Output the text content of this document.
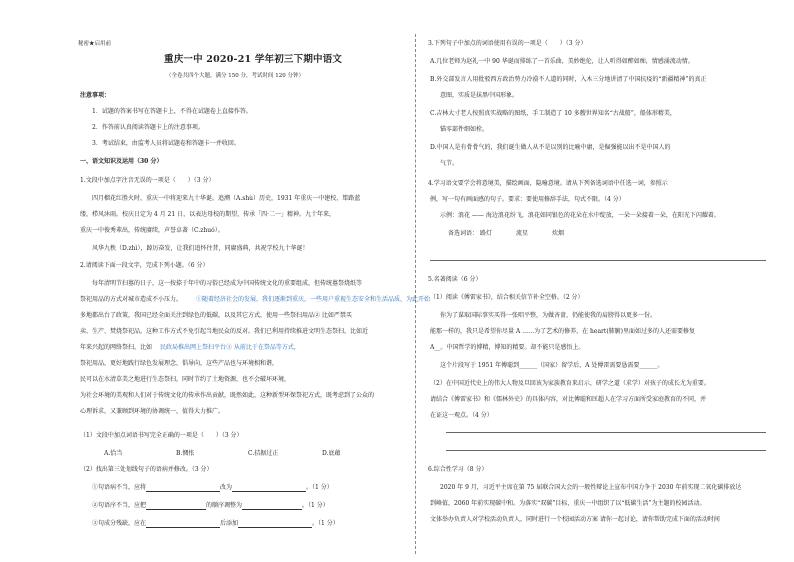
秘密★启用前
重庆一中 2020-21 学年初三下期中语文
（全卷共四个大题，满分 150 分，考试时间 120 分钟）
注意事项：
1．试题的答案书写在答题卡上，不得在试题卷上直接作答。
2．作答前认真阅读答题卡上的注意事项。
3．考试结束，由监考人员将试题卷和答题卡一并收回。
一、语文知识及运用（30 分）
1.文段中加点字注音无误的一项是（　　）（3 分）
四月榴花红胜火时，重庆一中将迎来九十华诞。追溯（A.shù）历史，1931 年重庆一中建校，筚路蓝
缕，栉风沐雨。校庆日定为 4 月 21 日，以表达母校的期望，传承「四·二一」精神。九十年来，
重庆一中俊秀辈出，传统赓续，声誉卓著（C.zhuó）。
风华九秩（D.zhì），踔厉奋发，让我们追怀往昔，同赓盛典，共祝学校九十华诞！
2.请阅读下面一段文字，完成下列小题。（6 分）
每年清明节扫墓的日子，这一按捺于年中的习俗已经成为中国传统文化的重要组成，但传统墓祭烧纸等
祭祀用品的方式对城市造成不小压力。 ①随着经济社会的发展，我们逐渐到重庆，一些用户重视生态安全和生活品质，为此开始
多地都出台了政策，我国已经全面关注到绿色的低碳，以及其它方式，使用一些祭扫用品② 比如严禁买
卖、生产、焚烧祭祀品，这种工作方式不免引起当地民众的反对。我们已利用持续推进文明生态祭扫，比如近
年来兴起的网络祭扫，比如 民政局推出网上祭扫平台③ 从前比于在祭品等方式，
祭祀用品，更好地践行绿色发展理念，倡导向，这些产品也与环境相和谐，
民可以在水清草美之地进行生态祭扫，同时节约了土地资源，也不会破坏环境，
为社会环境的美观和人们对于传统文化的传承作出贡献，既然如此，这种新型环保祭祀方式，既考虑到了公众的
心理诉求，又兼顾到环境的协调统一，值得大力推广。
（1）文段中加点词语书写完全正确的一项是（　　）（3 分）
A.恰当	B.惆怅	C.拮据过正	D.底蕴
（2）找出第三处划线句子的语病并修改。（3 分）
①句语病不当，应将	改为	。（1 分）
②句语序不当，应把	的顺序调整为	。（1 分）
③句成分残缺，应在	后添加	。（1 分）
3.下列句子中加点的词语使用有误的一项是（　　）（3 分）
A.几位老师为赵礼一中 90 华诞而排练了一首乐曲，美妙绝伦，让人听得如醉如痴，情感涌流动情。
B.外交部发言人用批驳西方政治势力冷漠不人道的同时，入木三分地讲清了中国抗疫的“新疆精神”的真正
意图，实质是抹黑中国形象。
C.吉林大寸老人按照真实战略的图纸，手工制造了 10 多艘世界知名“古战船”，船体形精美，
锚零部件细如栓。
D.中国人是有骨骨气的，我们诞生做人从不是以别的比喻中庸，是倔强能以出不是中国人的
气节。
4.学习语文要学会将意境美，描绘画面，隐喻意境。请从下列备选词语中任选一词，参照示
例，写一句有画面感的句子。要求：要使用修辞手法，句式不限。（4 分）
示例：浪花 —— 海边浪花纷飞，浪花如同银色的花朵在水中绽放，一朵一朵接着一朵，在阳光下闪耀着。
备选词语： 路灯	流星	炊烟
5.名著阅读（6 分）
（1）阅读《傅雷家书》，结合相关信节补全空格。（2 分）
你为了谋取国际事实买得一张唱平整，为做吝啬，仍能使我的肩膀得以更多一份。
能那一样的，我只是希望你尽量 A ……为了艺术的修养，在 heart(肺腑)里面如过多的人还需要修复
A__。中国哲学的博精，博知的精要。却不能只是感悟上。
这个片段写于 1951 年傅聪到______（国家）留学后，A 处傅雷需要恳需要______。
（2）在中国近代史上的伟大人物及旦回该为家族教育来启示，研学之道（求学）对孩子的成长尤为重要。
请结合《傅雷家书》和《儒林外史》的具体内容，对比傅聪和匡超人在学习方面所受家庭教育的不同，并
在证这一观点。（4 分）
6.综合性学习（8 分）
2020 年 9 月，习近平主席在第 75 届联合国大会的一般性辩论上宣布中国力争于 2030 年前实现二氧化碳排放达
到峰值，2060 年前实现碳中和。为落实“双碳”目标，重庆一中组织了以“低碳生活”为主题的校园活动。
文体举办负责人对学校活动负责人，同时进行一个校园活动方案 请你一起讨论，请你帮助完成下面的活动时间
